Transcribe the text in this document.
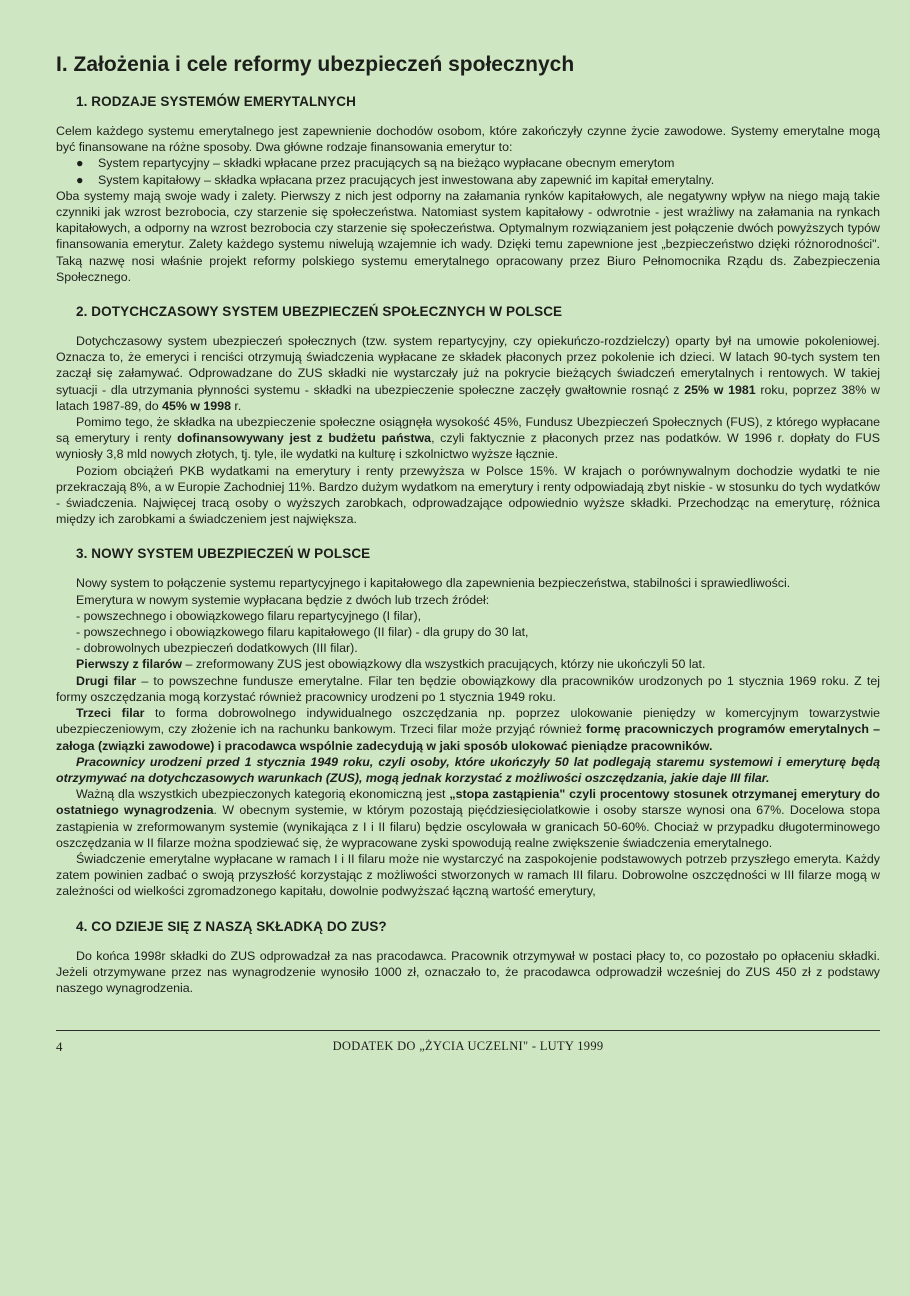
I. Założenia i cele reformy ubezpieczeń społecznych
1. RODZAJE SYSTEMÓW EMERYTALNYCH

Celem każdego systemu emerytalnego jest zapewnienie dochodów osobom, które zakończyły czynne życie zawodowe. Systemy emerytalne mogą być finansowane na różne sposoby. Dwa główne rodzaje finansowania emerytur to:

● System repartycyjny – składki wpłacane przez pracujących są na bieżąco wypłacane obecnym emerytom
● System kapitałowy – składka wpłacana przez pracujących jest inwestowana aby zapewnić im kapitał emerytalny.

Oba systemy mają swoje wady i zalety. Pierwszy z nich jest odporny na załamania rynków kapitałowych, ale negatywny wpływ na niego mają takie czynniki jak wzrost bezrobocia, czy starzenie się społeczeństwa. Natomiast system kapitałowy - odwrotnie - jest wrażliwy na załamania na rynkach kapitałowych, a odporny na wzrost bezrobocia czy starzenie się społeczeństwa. Optymalnym rozwiązaniem jest połączenie dwóch powyższych typów finansowania emerytur. Zalety każdego systemu niwelują wzajemnie ich wady. Dzięki temu zapewnione jest „bezpieczeństwo dzięki różnorodności". Taką nazwę nosi właśnie projekt reformy polskiego systemu emerytalnego opracowany przez Biuro Pełnomocnika Rządu ds. Zabezpieczenia Społecznego.

2. DOTYCHCZASOWY SYSTEM UBEZPIECZEŃ SPOŁECZNYCH W POLSCE

Dotychczasowy system ubezpieczeń społecznych (tzw. system repartycyjny, czy opiekuńczo-rozdzielczy) oparty był na umowie pokoleniowej. Oznacza to, że emeryci i renciści otrzymują świadczenia wypłacane ze składek płaconych przez pokolenie ich dzieci. W latach 90-tych system ten zaczął się załamywać. Odprowadzane do ZUS składki nie wystarczały już na pokrycie bieżących świadczeń emerytalnych i rentowych. W takiej sytuacji - dla utrzymania płynności systemu - składki na ubezpieczenie społeczne zaczęły gwałtownie rosnąć z 25% w 1981 roku, poprzez 38% w latach 1987-89, do 45% w 1998 r.

Pomimo tego, że składka na ubezpieczenie społeczne osiągnęła wysokość 45%, Fundusz Ubezpieczeń Społecznych (FUS), z którego wypłacane są emerytury i renty dofinansowywany jest z budżetu państwa, czyli faktycznie z płaconych przez nas podatków. W 1996 r. dopłaty do FUS wyniosły 3,8 mld nowych złotych, tj. tyle, ile wydatki na kulturę i szkolnictwo wyższe łącznie.

Poziom obciążeń PKB wydatkami na emerytury i renty przewyższa w Polsce 15%. W krajach o porównywalnym dochodzie wydatki te nie przekraczają 8%, a w Europie Zachodniej 11%. Bardzo dużym wydatkom na emerytury i renty odpowiadają zbyt niskie - w stosunku do tych wydatków - świadczenia. Najwięcej tracą osoby o wyższych zarobkach, odprowadzające odpowiednio wyższe składki. Przechodząc na emeryturę, różnica między ich zarobkami a świadczeniem jest największa.

3. NOWY SYSTEM UBEZPIECZEŃ W POLSCE

Nowy system to połączenie systemu repartycyjnego i kapitałowego dla zapewnienia bezpieczeństwa, stabilności i sprawiedliwości.

Emerytura w nowym systemie wypłacana będzie z dwóch lub trzech źródeł:

- powszechnego i obowiązkowego filaru repartycyjnego (I filar),
- powszechnego i obowiązkowego filaru kapitałowego (II filar) - dla grupy do 30 lat,
- dobrowolnych ubezpieczeń dodatkowych (III filar).

Pierwszy z filarów – zreformowany ZUS jest obowiązkowy dla wszystkich pracujących, którzy nie ukończyli 50 lat.

Drugi filar – to powszechne fundusze emerytalne. Filar ten będzie obowiązkowy dla pracowników urodzonych po 1 stycznia 1969 roku. Z tej formy oszczędzania mogą korzystać również pracownicy urodzeni po 1 stycznia 1949 roku.

Trzeci filar to forma dobrowolnego indywidualnego oszczędzania np. poprzez ulokowanie pieniędzy w komercyjnym towarzystwie ubezpieczeniowym, czy złożenie ich na rachunku bankowym. Trzeci filar może przyjąć również formę pracowniczych programów emerytalnych – załoga (związki zawodowe) i pracodawca wspólnie zadecydują w jaki sposób ulokować pieniądze pracowników.

Pracownicy urodzeni przed 1 stycznia 1949 roku, czyli osoby, które ukończyły 50 lat podlegają staremu systemowi i emeryturę będą otrzymywać na dotychczasowych warunkach (ZUS), mogą jednak korzystać z możliwości oszczędzania, jakie daje III filar.

Ważną dla wszystkich ubezpieczonych kategorią ekonomiczną jest „stopa zastąpienia" czyli procentowy stosunek otrzymanej emerytury do ostatniego wynagrodzenia. W obecnym systemie, w którym pozostają pięćdziesięciolatkowie i osoby starsze wynosi ona 67%. Docelowa stopa zastąpienia w zreformowanym systemie (wynikająca z I i II filaru) będzie oscylowała w granicach 50-60%. Chociaż w przypadku długoterminowego oszczędzania w II filarze można spodziewać się, że wypracowane zyski spowodują realne zwiększenie świadczenia emerytalnego.

Świadczenie emerytalne wypłacane w ramach I i II filaru może nie wystarczyć na zaspokojenie podstawowych potrzeb przyszłego emeryta. Każdy zatem powinien zadbać o swoją przyszłość korzystając z możliwości stworzonych w ramach III filaru. Dobrowolne oszczędności w III filarze mogą w zależności od wielkości zgromadzonego kapitału, dowolnie podwyższać łączną wartość emerytury,

4. CO DZIEJE SIĘ Z NASZĄ SKŁADKĄ DO ZUS?

Do końca 1998r składki do ZUS odprowadzał za nas pracodawca. Pracownik otrzymywał w postaci płacy to, co pozostało po opłaceniu składki. Jeżeli otrzymywane przez nas wynagrodzenie wynosiło 1000 zł, oznaczało to, że pracodawca odprowadził wcześniej do ZUS 450 zł z podstawy naszego wynagrodzenia.

4	DODATEK DO „ŻYCIA UCZELNI" - LUTY 1999
